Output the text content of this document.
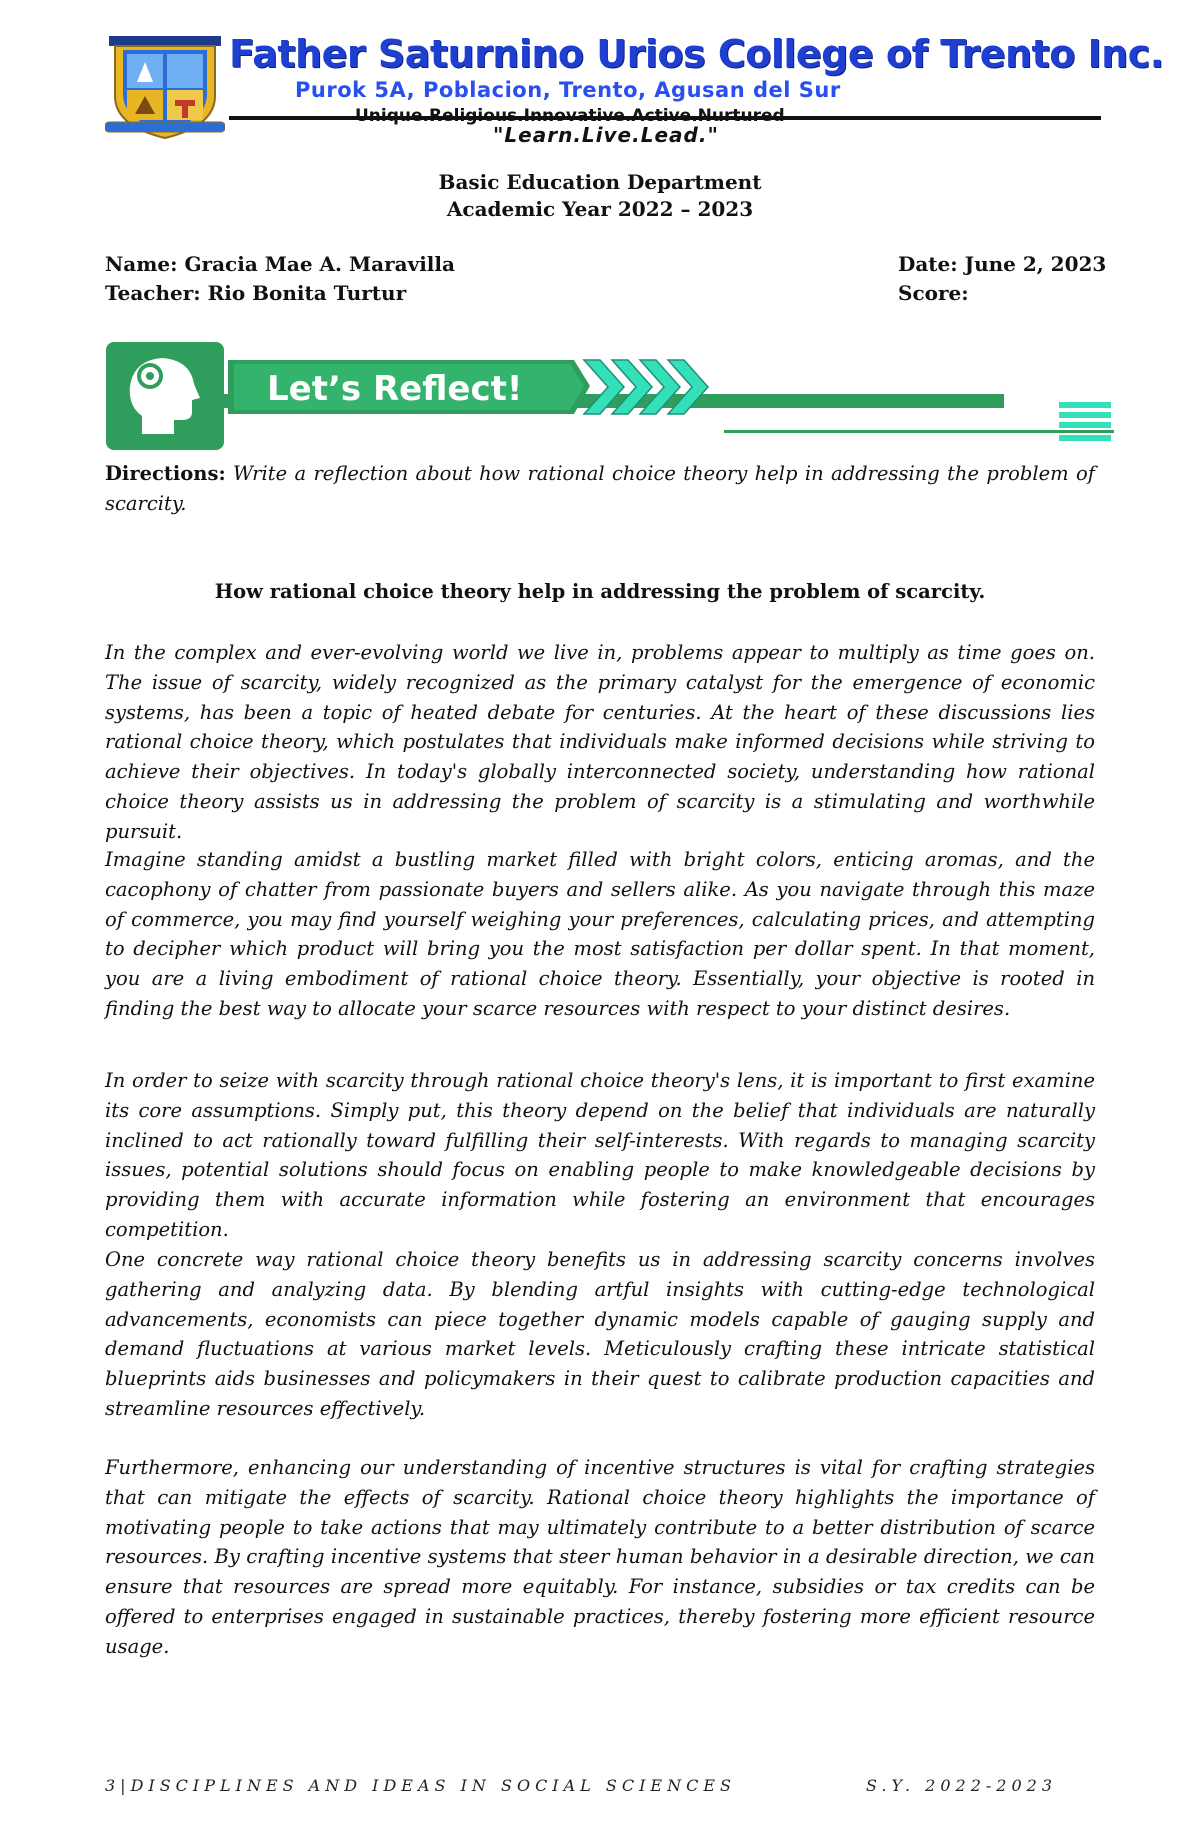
Father Saturnino Urios College of Trento Inc.
Purok 5A, Poblacion, Trento, Agusan del Sur
Unique.Religious.Innovative.Active.Nurtured
"Learn.Live.Lead."
Basic Education Department
Academic Year 2022 – 2023
Name: Gracia Mae A. Maravilla
Teacher: Rio Bonita Turtur
Date: June 2, 2023
Score:
Let’s Reflect!
Directions: Write a reflection about how rational choice theory help in addressing the problem of scarcity.
How rational choice theory help in addressing the problem of scarcity.

In the complex and ever-evolving world we live in, problems appear to multiply as time goes on. The issue of scarcity, widely recognized as the primary catalyst for the emergence of economic systems, has been a topic of heated debate for centuries. At the heart of these discussions lies rational choice theory, which postulates that individuals make informed decisions while striving to achieve their objectives. In today's globally interconnected society, understanding how rational choice theory assists us in addressing the problem of scarcity is a stimulating and worthwhile pursuit.

Imagine standing amidst a bustling market filled with bright colors, enticing aromas, and the cacophony of chatter from passionate buyers and sellers alike. As you navigate through this maze of commerce, you may find yourself weighing your preferences, calculating prices, and attempting to decipher which product will bring you the most satisfaction per dollar spent. In that moment, you are a living embodiment of rational choice theory. Essentially, your objective is rooted in finding the best way to allocate your scarce resources with respect to your distinct desires.

In order to seize with scarcity through rational choice theory's lens, it is important to first examine its core assumptions. Simply put, this theory depend on the belief that individuals are naturally inclined to act rationally toward fulfilling their self-interests. With regards to managing scarcity issues, potential solutions should focus on enabling people to make knowledgeable decisions by providing them with accurate information while fostering an environment that encourages competition.

One concrete way rational choice theory benefits us in addressing scarcity concerns involves gathering and analyzing data. By blending artful insights with cutting-edge technological advancements, economists can piece together dynamic models capable of gauging supply and demand fluctuations at various market levels. Meticulously crafting these intricate statistical blueprints aids businesses and policymakers in their quest to calibrate production capacities and streamline resources effectively.

Furthermore, enhancing our understanding of incentive structures is vital for crafting strategies that can mitigate the effects of scarcity. Rational choice theory highlights the importance of motivating people to take actions that may ultimately contribute to a better distribution of scarce resources. By crafting incentive systems that steer human behavior in a desirable direction, we can ensure that resources are spread more equitably. For instance, subsidies or tax credits can be offered to enterprises engaged in sustainable practices, thereby fostering more efficient resource usage.

3|DISCIPLINES AND IDEAS IN SOCIAL SCIENCES	S.Y. 2022-2023
